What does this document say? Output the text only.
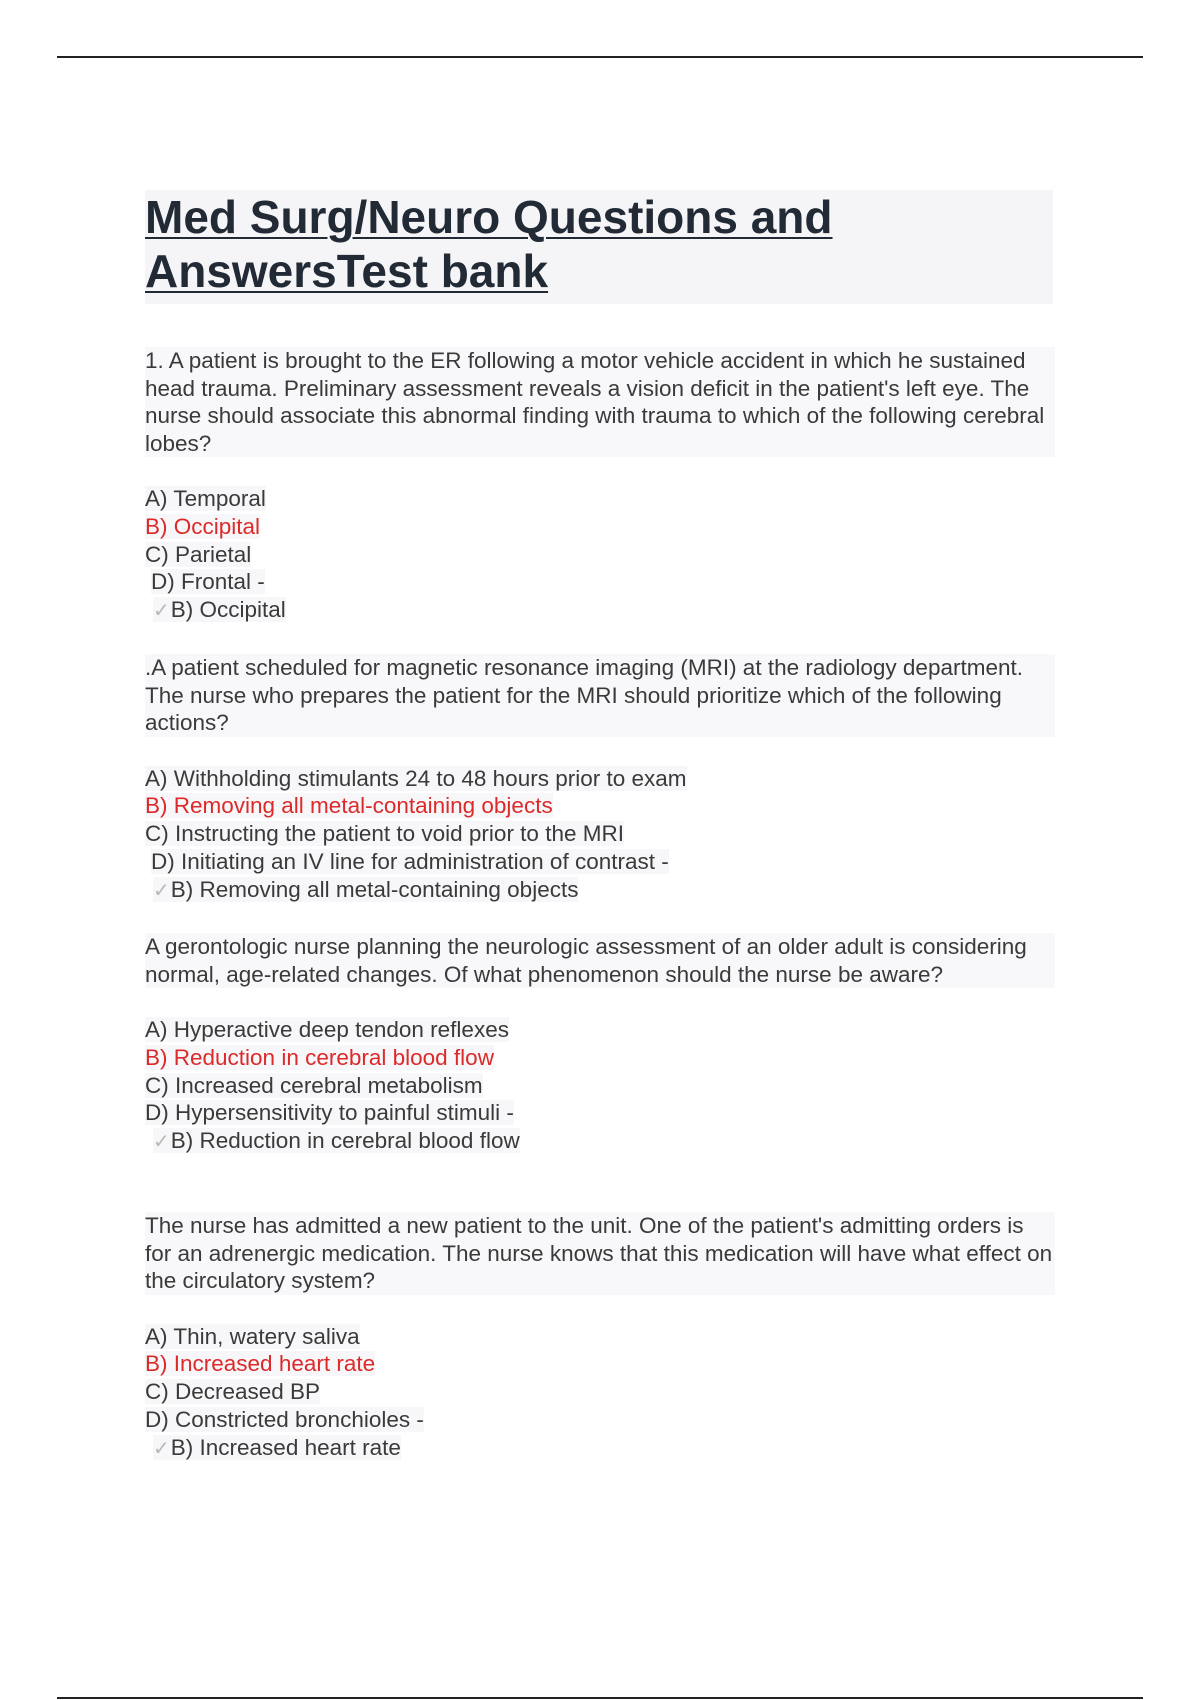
Med Surg/Neuro Questions and
AnswersTest bank
1. A patient is brought to the ER following a motor vehicle accident in which he sustained head trauma. Preliminary assessment reveals a vision deficit in the patient's left eye. The nurse should associate this abnormal finding with trauma to which of the following cerebral lobes?
A) Temporal
B) Occipital
C) Parietal
D) Frontal -
✓B) Occipital
.A patient scheduled for magnetic resonance imaging (MRI) at the radiology department. The nurse who prepares the patient for the MRI should prioritize which of the following actions?
A) Withholding stimulants 24 to 48 hours prior to exam
B) Removing all metal-containing objects
C) Instructing the patient to void prior to the MRI
D) Initiating an IV line for administration of contrast -
✓B) Removing all metal-containing objects
A gerontologic nurse planning the neurologic assessment of an older adult is considering normal, age-related changes. Of what phenomenon should the nurse be aware?
A) Hyperactive deep tendon reflexes
B) Reduction in cerebral blood flow
C) Increased cerebral metabolism
D) Hypersensitivity to painful stimuli -
✓B) Reduction in cerebral blood flow
The nurse has admitted a new patient to the unit. One of the patient's admitting orders is for an adrenergic medication. The nurse knows that this medication will have what effect on the circulatory system?
A) Thin, watery saliva
B) Increased heart rate
C) Decreased BP
D) Constricted bronchioles -
✓B) Increased heart rate
